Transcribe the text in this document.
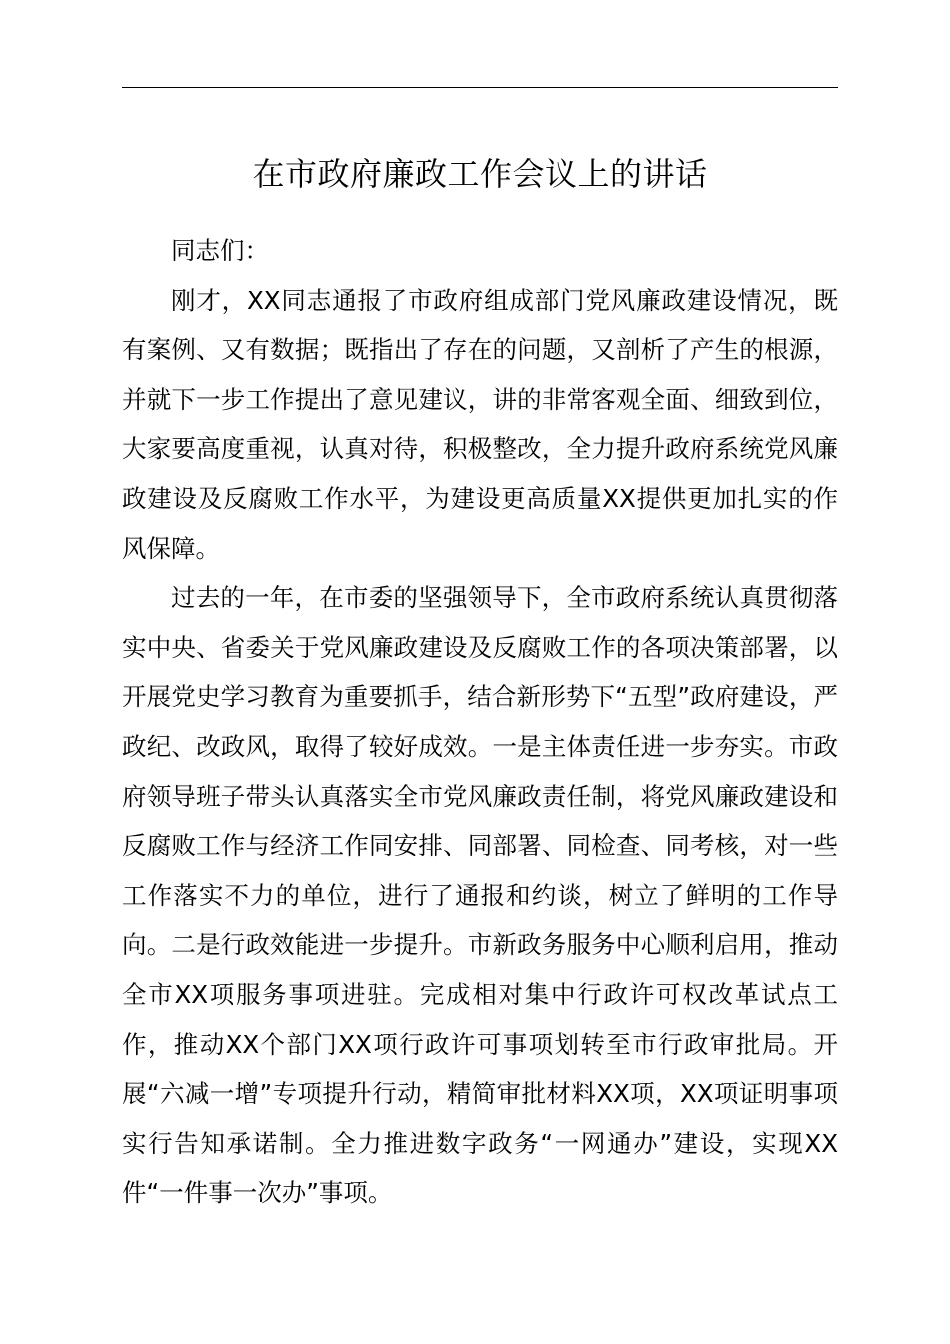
在市政府廉政工作会议上的讲话

同志们：

刚才，XX同志通报了市政府组成部门党风廉政建设情况，既有案例、又有数据；既指出了存在的问题，又剖析了产生的根源，并就下一步工作提出了意见建议，讲的非常客观全面、细致到位，大家要高度重视，认真对待，积极整改，全力提升政府系统党风廉政建设及反腐败工作水平，为建设更高质量XX提供更加扎实的作风保障。

过去的一年，在市委的坚强领导下，全市政府系统认真贯彻落实中央、省委关于党风廉政建设及反腐败工作的各项决策部署，以开展党史学习教育为重要抓手，结合新形势下“五型”政府建设，严政纪、改政风，取得了较好成效。一是主体责任进一步夯实。市政府领导班子带头认真落实全市党风廉政责任制，将党风廉政建设和反腐败工作与经济工作同安排、同部署、同检查、同考核，对一些工作落实不力的单位，进行了通报和约谈，树立了鲜明的工作导向。二是行政效能进一步提升。市新政务服务中心顺利启用，推动全市XX项服务事项进驻。完成相对集中行政许可权改革试点工作，推动XX个部门XX项行政许可事项划转至市行政审批局。开展“六减一增”专项提升行动，精简审批材料XX项，XX项证明事项实行告知承诺制。全力推进数字政务“一网通办”建设，实现XX件“一件事一次办”事项。
